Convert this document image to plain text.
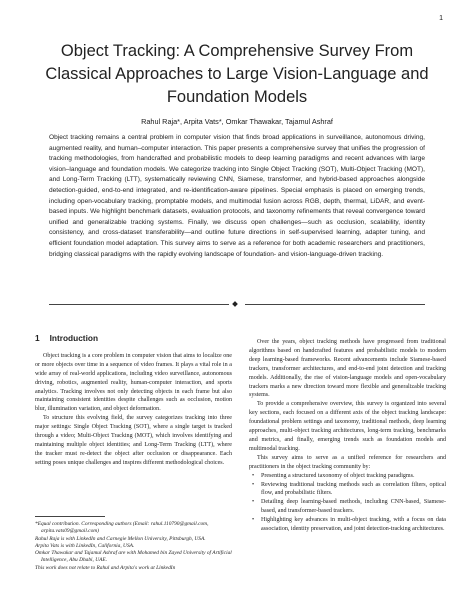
1
Object Tracking: A Comprehensive Survey From Classical Approaches to Large Vision-Language and Foundation Models
Rahul Raja*, Arpita Vats*, Omkar Thawakar, Tajamul Ashraf
Object tracking remains a central problem in computer vision that finds broad applications in surveillance, autonomous driving, augmented reality, and human–computer interaction. This paper presents a comprehensive survey that unifies the progression of tracking methodologies, from handcrafted and probabilistic models to deep learning paradigms and recent advances with large vision–language and foundation models. We categorize tracking into Single Object Tracking (SOT), Multi-Object Tracking (MOT), and Long-Term Tracking (LTT), systematically reviewing CNN, Siamese, transformer, and hybrid-based approaches alongside detection-guided, end-to-end integrated, and re-identification-aware pipelines. Special emphasis is placed on emerging trends, including open-vocabulary tracking, promptable models, and multimodal fusion across RGB, depth, thermal, LiDAR, and event-based inputs. We highlight benchmark datasets, evaluation protocols, and taxonomy refinements that reveal convergence toward unified and generalizable tracking systems. Finally, we discuss open challenges—such as occlusion, scalability, identity consistency, and cross-dataset transferability—and outline future directions in self-supervised learning, adapter tuning, and efficient foundation model adaptation. This survey aims to serve as a reference for both academic researchers and practitioners, bridging classical paradigms with the rapidly evolving landscape of foundation- and vision-language-driven tracking.
1 Introduction

Object tracking is a core problem in computer vision that aims to localize one or more objects over time in a sequence of video frames. It plays a vital role in a wide array of real-world applications, including video surveillance, autonomous driving, robotics, augmented reality, human-computer interaction, and sports analytics. Tracking involves not only detecting objects in each frame but also maintaining consistent identities despite challenges such as occlusion, motion blur, illumination variation, and object deformation.

To structure this evolving field, the survey categorizes tracking into three major settings: Single Object Tracking (SOT), where a single target is tracked through a video; Multi-Object Tracking (MOT), which involves identifying and maintaining multiple object identities; and Long-Term Tracking (LTT), where the tracker must re-detect the object after occlusion or disappearance. Each setting poses unique challenges and inspires different methodological choices.

Over the years, object tracking methods have progressed from traditional algorithms based on handcrafted features and probabilistic models to modern deep learning-based frameworks. Recent advancements include Siamese-based trackers, transformer architectures, and end-to-end joint detection and tracking models. Additionally, the rise of vision-language models and open-vocabulary trackers marks a new direction toward more flexible and generalizable tracking systems.

To provide a comprehensive overview, this survey is organized into several key sections, each focused on a different axis of the object tracking landscape: foundational problem settings and taxonomy, traditional methods, deep learning approaches, multi-object tracking architectures, long-term tracking, benchmarks and metrics, and finally, emerging trends such as foundation models and multimodal tracking.

This survey aims to serve as a unified reference for researchers and practitioners in the object tracking community by:

• Presenting a structured taxonomy of object tracking paradigms.
• Reviewing traditional tracking methods such as correlation filters, optical flow, and probabilistic filters.
• Detailing deep learning-based methods, including CNN-based, Siamese-based, and transformer-based trackers.
• Highlighting key advances in multi-object tracking, with a focus on data association, identity preservation, and joint detection-tracking architectures.
*Equal contribution. Corresponding authors (Email: rahul.110790@gmail.com, arpita.vats09@gmail.com)
Rahul Raja is with LinkedIn and Carnegie Mellon University, Pittsburgh, USA.
Arpita Vats is with LinkedIn, California, USA.
Omkar Thawakar and Tajamul Ashraf are with Mohamed bin Zayed University of Artificial Intelligence, Abu Dhabi, UAE.
This work does not relate to Rahul and Arpita's work at LinkedIn
